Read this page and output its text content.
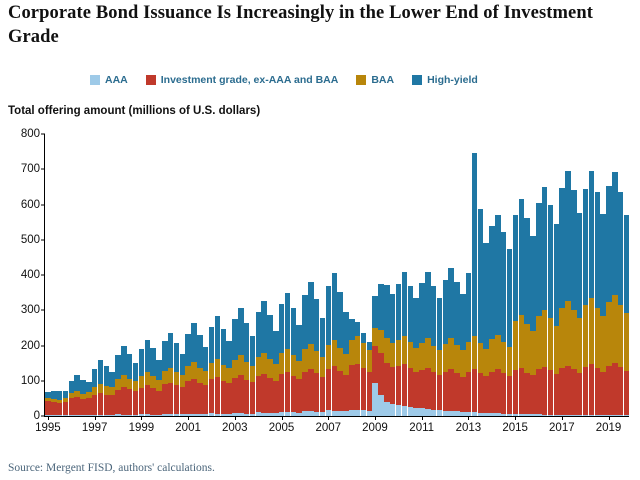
Corporate Bond Issuance Is Increasingly in the Lower End of Investment Grade
AAA	Investment grade, ex-AAA and BAA	BAA	High-yield
Total offering amount (millions of U.S. dollars)
0
100
200
300
400
500
600
700
800
1995 1997 1999 2001 2003 2005 2007 2009 2011 2013 2015 2017 2019
Source: Mergent FISD, authors' calculations.
